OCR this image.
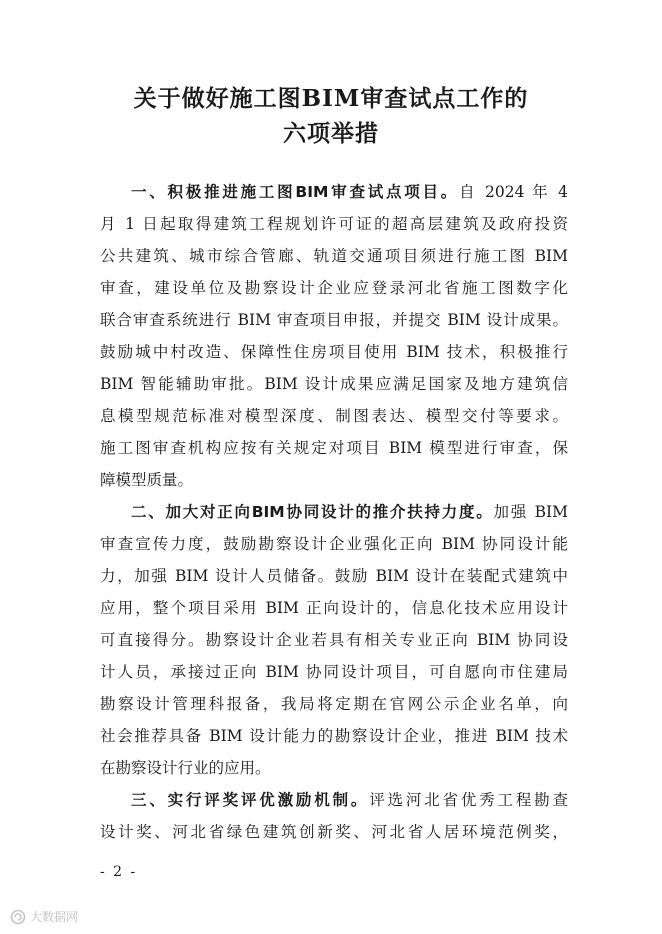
关于做好施工图BIM审查试点工作的
六项举措
一、积极推进施工图BIM审查试点项目。自 2024 年 4
月 1 日起取得建筑工程规划许可证的超高层建筑及政府投资
公共建筑、城市综合管廊、轨道交通项目须进行施工图 BIM
审查，建设单位及勘察设计企业应登录河北省施工图数字化
联合审查系统进行 BIM 审查项目申报，并提交 BIM 设计成果。
鼓励城中村改造、保障性住房项目使用 BIM 技术，积极推行
BIM 智能辅助审批。BIM 设计成果应满足国家及地方建筑信
息模型规范标准对模型深度、制图表达、模型交付等要求。
施工图审查机构应按有关规定对项目 BIM 模型进行审查，保
障模型质量。
二、加大对正向BIM协同设计的推介扶持力度。加强 BIM
审查宣传力度，鼓励勘察设计企业强化正向 BIM 协同设计能
力，加强 BIM 设计人员储备。鼓励 BIM 设计在装配式建筑中
应用，整个项目采用 BIM 正向设计的，信息化技术应用设计
可直接得分。勘察设计企业若具有相关专业正向 BIM 协同设
计人员，承接过正向 BIM 协同设计项目，可自愿向市住建局
勘察设计管理科报备，我局将定期在官网公示企业名单，向
社会推荐具备 BIM 设计能力的勘察设计企业，推进 BIM 技术
在勘察设计行业的应用。
三、实行评奖评优激励机制。评选河北省优秀工程勘查
设计奖、河北省绿色建筑创新奖、河北省人居环境范例奖，
- 2 -
大数据网
